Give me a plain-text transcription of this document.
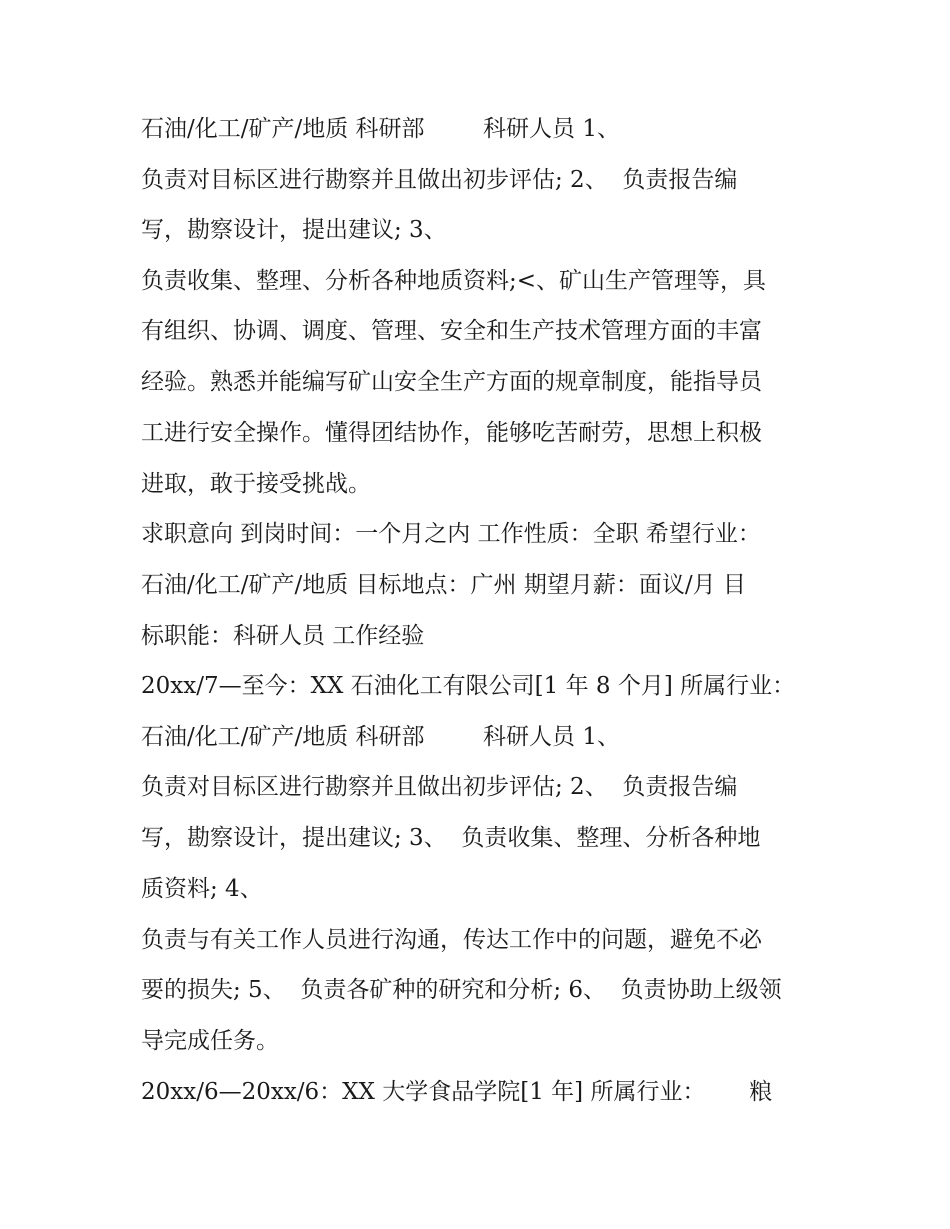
石油/化工/矿产/地质 科研部        科研人员 1、
负责对目标区进行勘察并且做出初步评估; 2、  负责报告编
写，勘察设计，提出建议; 3、
负责收集、整理、分析各种地质资料;<、矿山生产管理等，具
有组织、协调、调度、管理、安全和生产技术管理方面的丰富
经验。熟悉并能编写矿山安全生产方面的规章制度，能指导员
工进行安全操作。懂得团结协作，能够吃苦耐劳，思想上积极
进取，敢于接受挑战。
求职意向 到岗时间：一个月之内 工作性质：全职 希望行业：
石油/化工/矿产/地质 目标地点：广州 期望月薪：面议/月 目
标职能：科研人员 工作经验
20xx/7—至今：XX 石油化工有限公司[1 年 8 个月] 所属行业：
石油/化工/矿产/地质 科研部        科研人员 1、
负责对目标区进行勘察并且做出初步评估; 2、  负责报告编
写，勘察设计，提出建议; 3、  负责收集、整理、分析各种地
质资料; 4、
负责与有关工作人员进行沟通，传达工作中的问题，避免不必
要的损失; 5、  负责各矿种的研究和分析; 6、  负责协助上级领
导完成任务。
20xx/6—20xx/6：XX 大学食品学院[1 年] 所属行业：      粮
